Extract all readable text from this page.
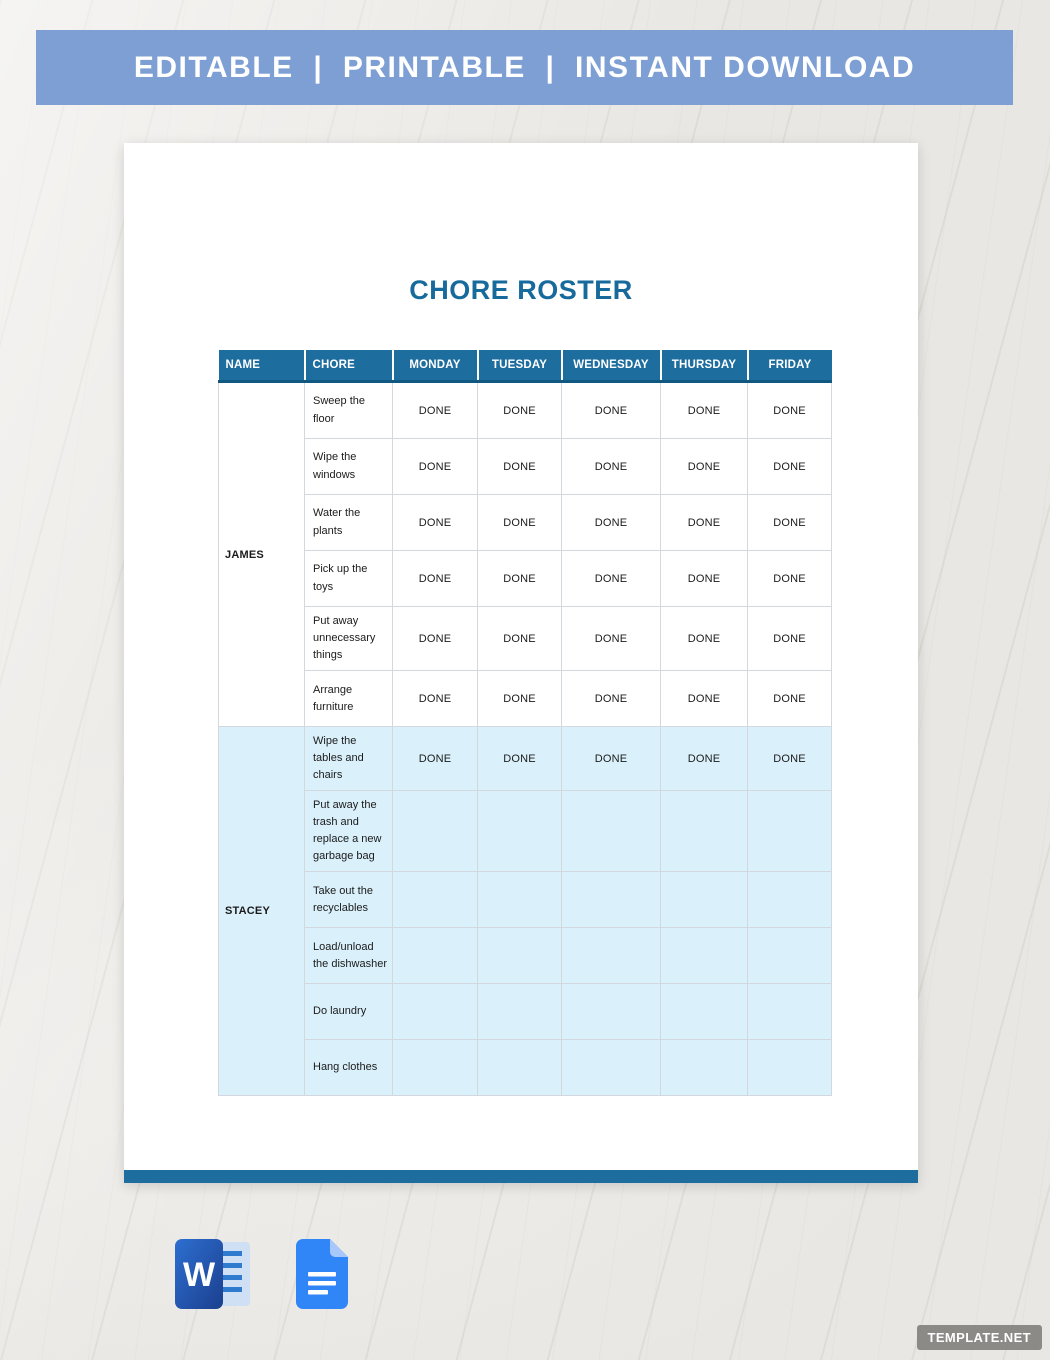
EDITABLE  |  PRINTABLE  |  INSTANT DOWNLOAD
CHORE ROSTER
NAME	CHORE	MONDAY	TUESDAY	WEDNESDAY	THURSDAY	FRIDAY
JAMES	Sweep the floor	DONE	DONE	DONE	DONE	DONE
	Wipe the windows	DONE	DONE	DONE	DONE	DONE
	Water the plants	DONE	DONE	DONE	DONE	DONE
	Pick up the toys	DONE	DONE	DONE	DONE	DONE
	Put away unnecessary things	DONE	DONE	DONE	DONE	DONE
	Arrange furniture	DONE	DONE	DONE	DONE	DONE
STACEY	Wipe the tables and chairs	DONE	DONE	DONE	DONE	DONE
	Put away the trash and replace a new garbage bag					
	Take out the recyclables					
	Load/unload the dishwasher					
	Do laundry					
	Hang clothes					
W
TEMPLATE.NET
